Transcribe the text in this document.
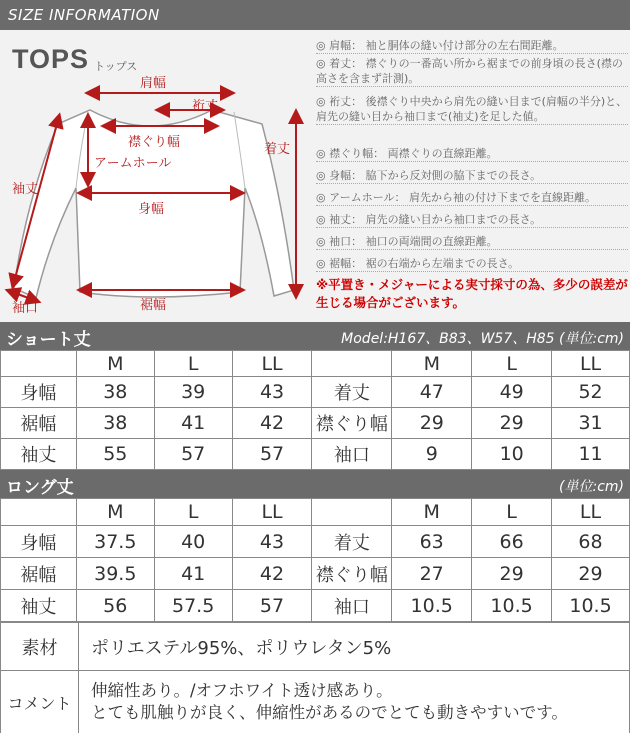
SIZE INFORMATION
TOPS トップス
肩幅
裄丈
襟ぐり幅
アームホール
着丈
袖丈
身幅
裾幅
袖口
◎ 肩幅： 袖と胴体の縫い付け部分の左右間距離。
◎ 着丈： 襟ぐりの一番高い所から裾までの前身頃の長さ(襟の高さを含まず計測)。
◎ 裄丈： 後襟ぐり中央から肩先の縫い目まで(肩幅の半分)と、肩先の縫い目から袖口まで(袖丈)を足した値。
◎ 襟ぐり幅： 両襟ぐりの直線距離。
◎ 身幅： 脇下から反対側の脇下までの長さ。
◎ アームホール： 肩先から袖の付け下までを直線距離。
◎ 袖丈： 肩先の縫い目から袖口までの長さ。
◎ 袖口： 袖口の両端間の直線距離。
◎ 裾幅： 裾の右端から左端までの長さ。
※平置き・メジャーによる実寸採寸の為、多少の誤差が生じる場合がございます。
ショート丈	Model:H167、B83、W57、H85 (単位:cm)
	M	L	LL		M	L	LL
身幅	38	39	43	着丈	47	49	52
裾幅	38	41	42	襟ぐり幅	29	29	31
袖丈	55	57	57	袖口	9	10	11
ロング丈	(単位:cm)
	M	L	LL		M	L	LL
身幅	37.5	40	43	着丈	63	66	68
裾幅	39.5	41	42	襟ぐり幅	27	29	29
袖丈	56	57.5	57	袖口	10.5	10.5	10.5
素材	ポリエステル95%、ポリウレタン5%
コメント	伸縮性あり。/オフホワイト透け感あり。
とても肌触りが良く、伸縮性があるのでとても動きやすいです。
